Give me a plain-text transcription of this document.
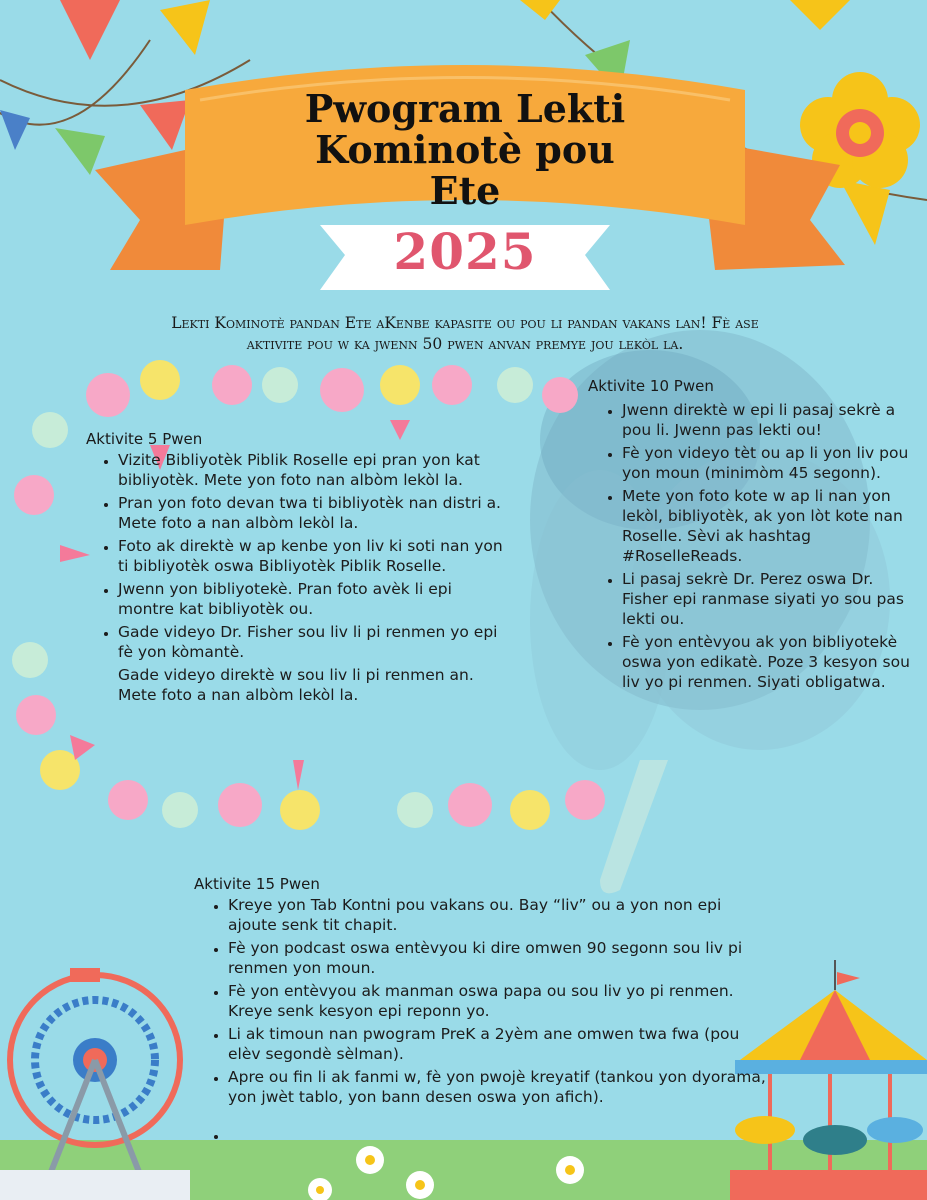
Pwogram Lekti
Kominotè pou
Ete
2025
Lekti Kominotè pandan Ete aKenbe kapasite ou pou li pandan vakans lan! Fè ase
aktivite pou w ka jwenn 50 pwen anvan premye jou lekòl la.
Aktivite 5 Pwen
• Vizite Bibliyotèk Piblik Roselle epi pran yon kat bibliyotèk. Mete yon foto nan albòm lekòl la.
• Pran yon foto devan twa ti bibliyotèk nan distri a. Mete foto a nan albòm lekòl la.
• Foto ak direktè w ap kenbe yon liv ki soti nan yon ti bibliyotèk oswa Bibliyotèk Piblik Roselle.
• Jwenn yon bibliyotekè. Pran foto avèk li epi montre kat bibliyotèk ou.
• Gade videyo Dr. Fisher sou liv li pi renmen yo epi fè yon kòmantè.
Gade videyo direktè w sou liv li pi renmen an. Mete foto a nan albòm lekòl la.
Aktivite 10 Pwen
• Jwenn direktè w epi li pasaj sekrè a pou li. Jwenn pas lekti ou!
• Fè yon videyo tèt ou ap li yon liv pou yon moun (minimòm 45 segonn).
• Mete yon foto kote w ap li nan yon lekòl, bibliyotèk, ak yon lòt kote nan Roselle. Sèvi ak hashtag #RoselleReads.
• Li pasaj sekrè Dr. Perez oswa Dr. Fisher epi ranmase siyati yo sou pas lekti ou.
• Fè yon entèvyou ak yon bibliyotekè oswa yon edikatè. Poze 3 kesyon sou liv yo pi renmen. Siyati obligatwa.
Aktivite 15 Pwen
• Kreye yon Tab Kontni pou vakans ou. Bay “liv” ou a yon non epi ajoute senk tit chapit.
• Fè yon podcast oswa entèvyou ki dire omwen 90 segonn sou liv pi renmen yon moun.
• Fè yon entèvyou ak manman oswa papa ou sou liv yo pi renmen. Kreye senk kesyon epi reponn yo.
• Li ak timoun nan pwogram PreK a 2yèm ane omwen twa fwa (pou elèv segondè sèlman).
• Apre ou fin li ak fanmi w, fè yon pwojè kreyatif (tankou yon dyorama, yon jwèt tablo, yon bann desen oswa yon afich).
•
